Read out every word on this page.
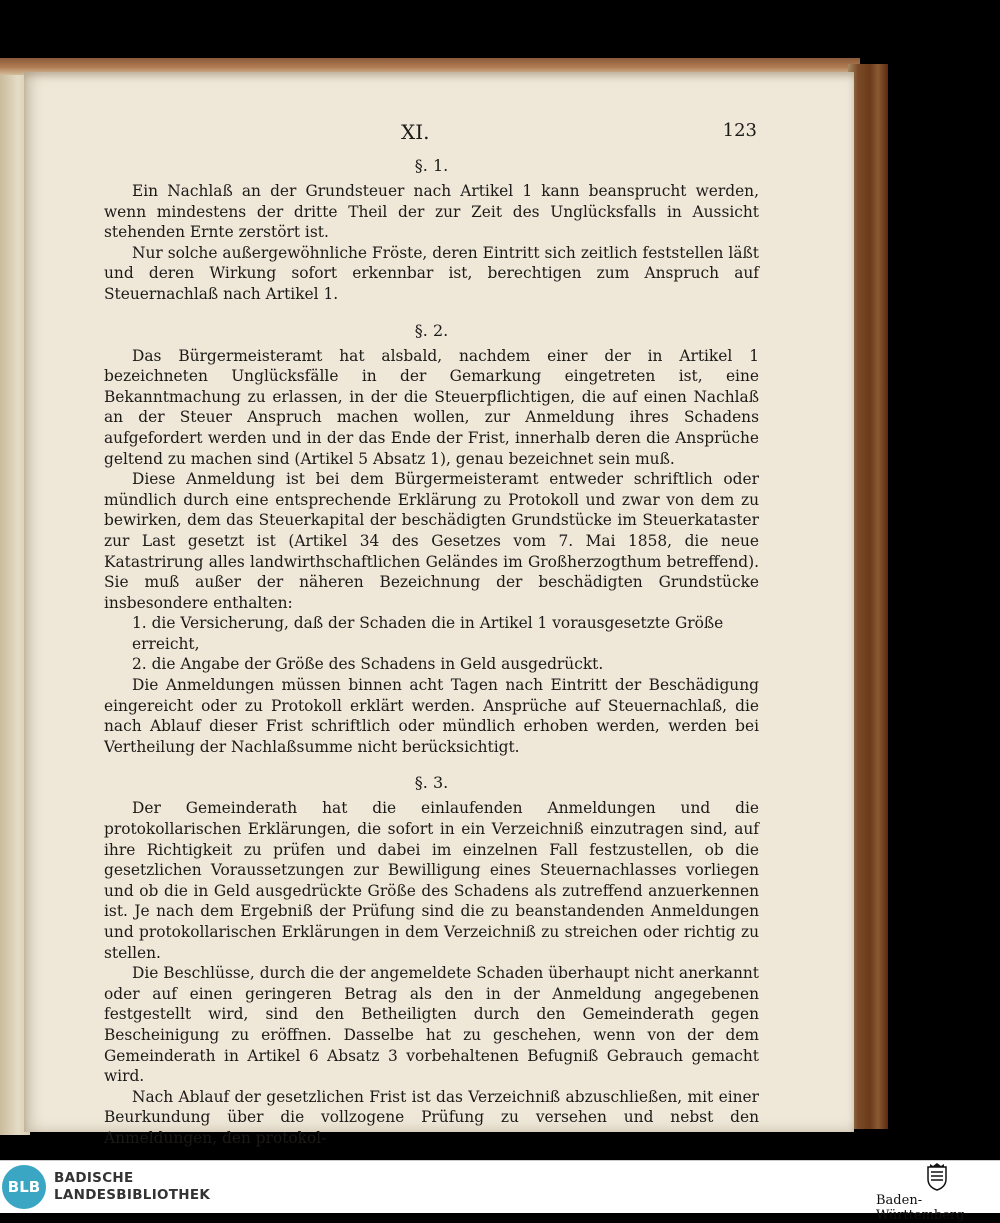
XI.	123
§. 1.

Ein Nachlaß an der Grundsteuer nach Artikel 1 kann beansprucht werden, wenn mindestens der dritte Theil der zur Zeit des Unglücksfalls in Aussicht stehenden Ernte zerstört ist.

Nur solche außergewöhnliche Fröste, deren Eintritt sich zeitlich feststellen läßt und deren Wirkung sofort erkennbar ist, berechtigen zum Anspruch auf Steuernachlaß nach Artikel 1.

§. 2.

Das Bürgermeisteramt hat alsbald, nachdem einer der in Artikel 1 bezeichneten Unglücksfälle in der Gemarkung eingetreten ist, eine Bekanntmachung zu erlassen, in der die Steuerpflichtigen, die auf einen Nachlaß an der Steuer Anspruch machen wollen, zur Anmeldung ihres Schadens aufgefordert werden und in der das Ende der Frist, innerhalb deren die Ansprüche geltend zu machen sind (Artikel 5 Absatz 1), genau bezeichnet sein muß.

Diese Anmeldung ist bei dem Bürgermeisteramt entweder schriftlich oder mündlich durch eine entsprechende Erklärung zu Protokoll und zwar von dem zu bewirken, dem das Steuerkapital der beschädigten Grundstücke im Steuerkataster zur Last gesetzt ist (Artikel 34 des Gesetzes vom 7. Mai 1858, die neue Katastrirung alles landwirthschaftlichen Geländes im Großherzogthum betreffend). Sie muß außer der näheren Bezeichnung der beschädigten Grundstücke insbesondere enthalten:

1. die Versicherung, daß der Schaden die in Artikel 1 vorausgesetzte Größe erreicht,

2. die Angabe der Größe des Schadens in Geld ausgedrückt.

Die Anmeldungen müssen binnen acht Tagen nach Eintritt der Beschädigung eingereicht oder zu Protokoll erklärt werden. Ansprüche auf Steuernachlaß, die nach Ablauf dieser Frist schriftlich oder mündlich erhoben werden, werden bei Vertheilung der Nachlaßsumme nicht berücksichtigt.

§. 3.

Der Gemeinderath hat die einlaufenden Anmeldungen und die protokollarischen Erklärungen, die sofort in ein Verzeichniß einzutragen sind, auf ihre Richtigkeit zu prüfen und dabei im einzelnen Fall festzustellen, ob die gesetzlichen Voraussetzungen zur Bewilligung eines Steuernachlasses vorliegen und ob die in Geld ausgedrückte Größe des Schadens als zutreffend anzuerkennen ist. Je nach dem Ergebniß der Prüfung sind die zu beanstandenden Anmeldungen und protokollarischen Erklärungen in dem Verzeichniß zu streichen oder richtig zu stellen.

Die Beschlüsse, durch die der angemeldete Schaden überhaupt nicht anerkannt oder auf einen geringeren Betrag als den in der Anmeldung angegebenen festgestellt wird, sind den Betheiligten durch den Gemeinderath gegen Bescheinigung zu eröffnen. Dasselbe hat zu geschehen, wenn von der dem Gemeinderath in Artikel 6 Absatz 3 vorbehaltenen Befugniß Gebrauch gemacht wird.

Nach Ablauf der gesetzlichen Frist ist das Verzeichniß abzuschließen, mit einer Beurkundung über die vollzogene Prüfung zu versehen und nebst den Anmeldungen, den protokol-

BLB	BADISCHE
LANDESBIBLIOTHEK	Baden-Württemberg
